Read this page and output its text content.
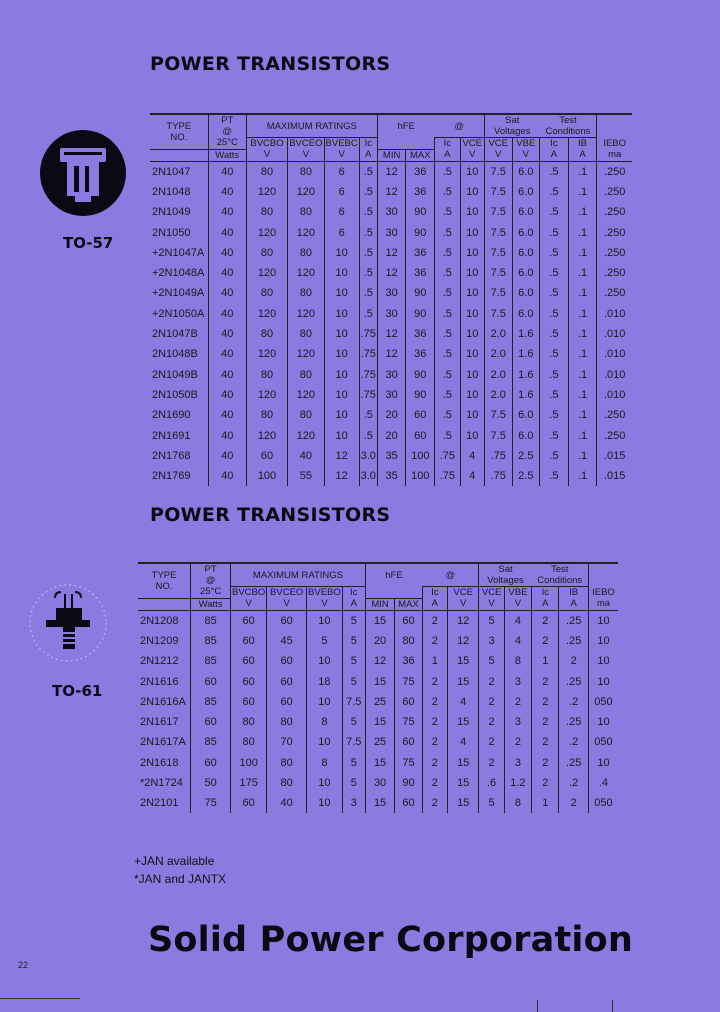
POWER TRANSISTORS
TO-57

TYPE
NO.	PT
@
25°C	MAXIMUM RATINGS				hFE		@		Sat
Voltages		Test
Conditions		

		BVCBO	BVCEO	BVEBC	Ic			Ic	VCE	VCE	VBE	Ic	IB	IEBO
	Watts	V	V	V	A	MIN	MAX	A	V	V	V	A	A	ma
2N1047	40	80	80	6	.5	12	36	.5	10	7.5	6.0	.5	.1	.250
2N1048	40	120	120	6	.5	12	36	.5	10	7.5	6.0	.5	.1	.250
2N1049	40	80	80	6	.5	30	90	.5	10	7.5	6.0	.5	.1	.250
2N1050	40	120	120	6	.5	30	90	.5	10	7.5	6.0	.5	.1	.250
+2N1047A	40	80	80	10	.5	12	36	.5	10	7.5	6.0	.5	.1	.250
+2N1048A	40	120	120	10	.5	12	36	.5	10	7.5	6.0	.5	.1	.250
+2N1049A	40	80	80	10	.5	30	90	.5	10	7.5	6.0	.5	.1	.250
+2N1050A	40	120	120	10	.5	30	90	.5	10	7.5	6.0	.5	.1	.010
2N1047B	40	80	80	10	.75	12	36	.5	10	2.0	1.6	.5	.1	.010
2N1048B	40	120	120	10	.75	12	36	.5	10	2.0	1.6	.5	.1	.010
2N1049B	40	80	80	10	.75	30	90	.5	10	2.0	1.6	.5	.1	.010
2N1050B	40	120	120	10	.75	30	90	.5	10	2.0	1.6	.5	.1	.010
2N1690	40	80	80	10	.5	20	60	.5	10	7.5	6.0	.5	.1	.250
2N1691	40	120	120	10	.5	20	60	.5	10	7.5	6.0	.5	.1	.250
2N1768	40	60	40	12	3.0	35	100	.75	4	.75	2.5	.5	.1	.015
2N1769	40	100	55	12	3.0	35	100	.75	4	.75	2.5	.5	.1	.015
POWER TRANSISTORS
TO-61

TYPE
NO.	PT
@
25°C	MAXIMUM RATINGS				hFE		@		Sat
Voltages		Test
Conditions		

		BVCBO	BVCEO	BVEBO	Ic			Ic	VCE	VCE	VBE	Ic	IB	IEBO
	Watts	V	V	V	A	MIN	MAX	A	V	V	V	A	A	ma
2N1208	85	60	60	10	5	15	60	2	12	5	4	2	.25	10
2N1209	85	60	45	5	5	20	80	2	12	3	4	2	.25	10
2N1212	85	60	60	10	5	12	36	1	15	5	8	1	2	10
2N1616	60	60	60	18	5	15	75	2	15	2	3	2	.25	10
2N1616A	85	60	60	10	7.5	25	60	2	4	2	2	2	.2	050
2N1617	60	80	80	8	5	15	75	2	15	2	3	2	.25	10
2N1617A	85	80	70	10	7.5	25	60	2	4	2	2	2	.2	050
2N1618	60	100	80	8	5	15	75	2	15	2	3	2	.25	10
*2N1724	50	175	80	10	5	30	90	2	15	.6	1.2	2	.2	.4
2N2101	75	60	40	10	3	15	60	2	15	5	8	1	2	050
+JAN available
*JAN and JANTX
Solid Power Corporation
22
